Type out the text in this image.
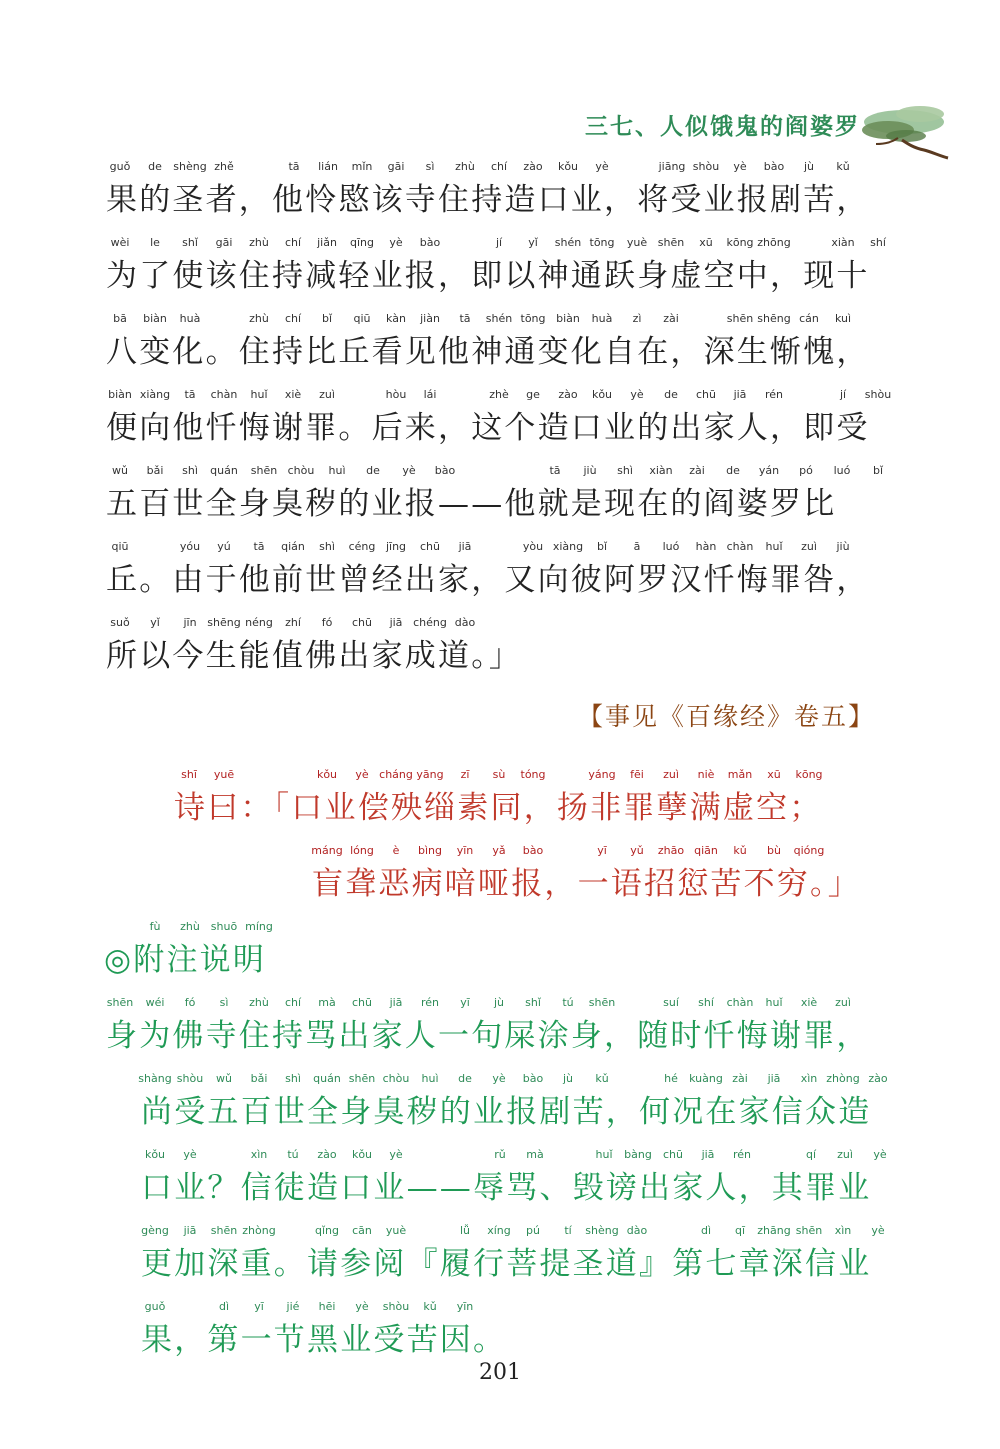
三七、人似饿鬼的阎婆罗
guǒ de shèng zhě	tā lián mǐn gāi sì zhù chí zào kǒu yè	jiāng shòu yè bào jù kǔ
果的圣者，他怜愍该寺住持造口业，将受业报剧苦，
wèi le shǐ gāi zhù chí jiǎn qīng yè bào	jí yǐ shén tōng yuè shēn xū kōng zhōng	xiàn shí
为了使该住持减轻业报，即以神通跃身虚空中，现十
bā biàn huà	zhù chí bǐ qiū kàn jiàn tā shén tōng biàn huà zì zài	shēn shēng cán kuì
八变化。住持比丘看见他神通变化自在，深生惭愧，
biàn xiàng tā chàn huǐ xiè zuì	hòu lái	zhè ge zào kǒu yè de chū jiā rén	jí shòu
便向他忏悔谢罪。后来，这个造口业的出家人，即受
wǔ bǎi shì quán shēn chòu huì de yè bào	tā jiù shì xiàn zài de yán pó luó bǐ
五百世全身臭秽的业报——他就是现在的阎婆罗比
qiū	yóu yú tā qián shì céng jīng chū jiā	yòu xiàng bǐ ā luó hàn chàn huǐ zuì jiù
丘。由于他前世曾经出家，又向彼阿罗汉忏悔罪咎，
suǒ yǐ jīn shēng néng zhí fó chū jiā chéng dào
所以今生能值佛出家成道。」
shī yuē	kǒu yè cháng yāng zī sù tóng	yáng fēi zuì niè mǎn xū kōng
诗曰：「口业偿殃缁素同，扬非罪孽满虚空；
máng lóng è bìng yīn yǎ bào	yī yǔ zhāo qiān kǔ bù qióng
盲聋恶病喑哑报，一语招愆苦不穷。」
fù zhù shuō míng
◎附注说明
shēn wéi fó sì zhù chí mà chū jiā rén yī jù shǐ tú shēn	suí shí chàn huǐ xiè zuì
身为佛寺住持骂出家人一句屎涂身，随时忏悔谢罪，
shàng shòu wǔ bǎi shì quán shēn chòu huì de yè bào jù kǔ	hé kuàng zài jiā xìn zhòng zào
尚受五百世全身臭秽的业报剧苦，何况在家信众造
kǒu yè	xìn tú zào kǒu yè	rǔ mà	huǐ bàng chū jiā rén	qí zuì yè
口业？信徒造口业——辱骂、毁谤出家人，其罪业
gèng jiā shēn zhòng	qǐng cān yuè	lǚ xíng pú tí shèng dào	dì qī zhāng shēn xìn yè
更加深重。请参阅『履行菩提圣道』第七章深信业
guǒ	dì yī jié hēi yè shòu kǔ yīn
果，第一节黑业受苦因。
【事见《百缘经》卷五】
201
